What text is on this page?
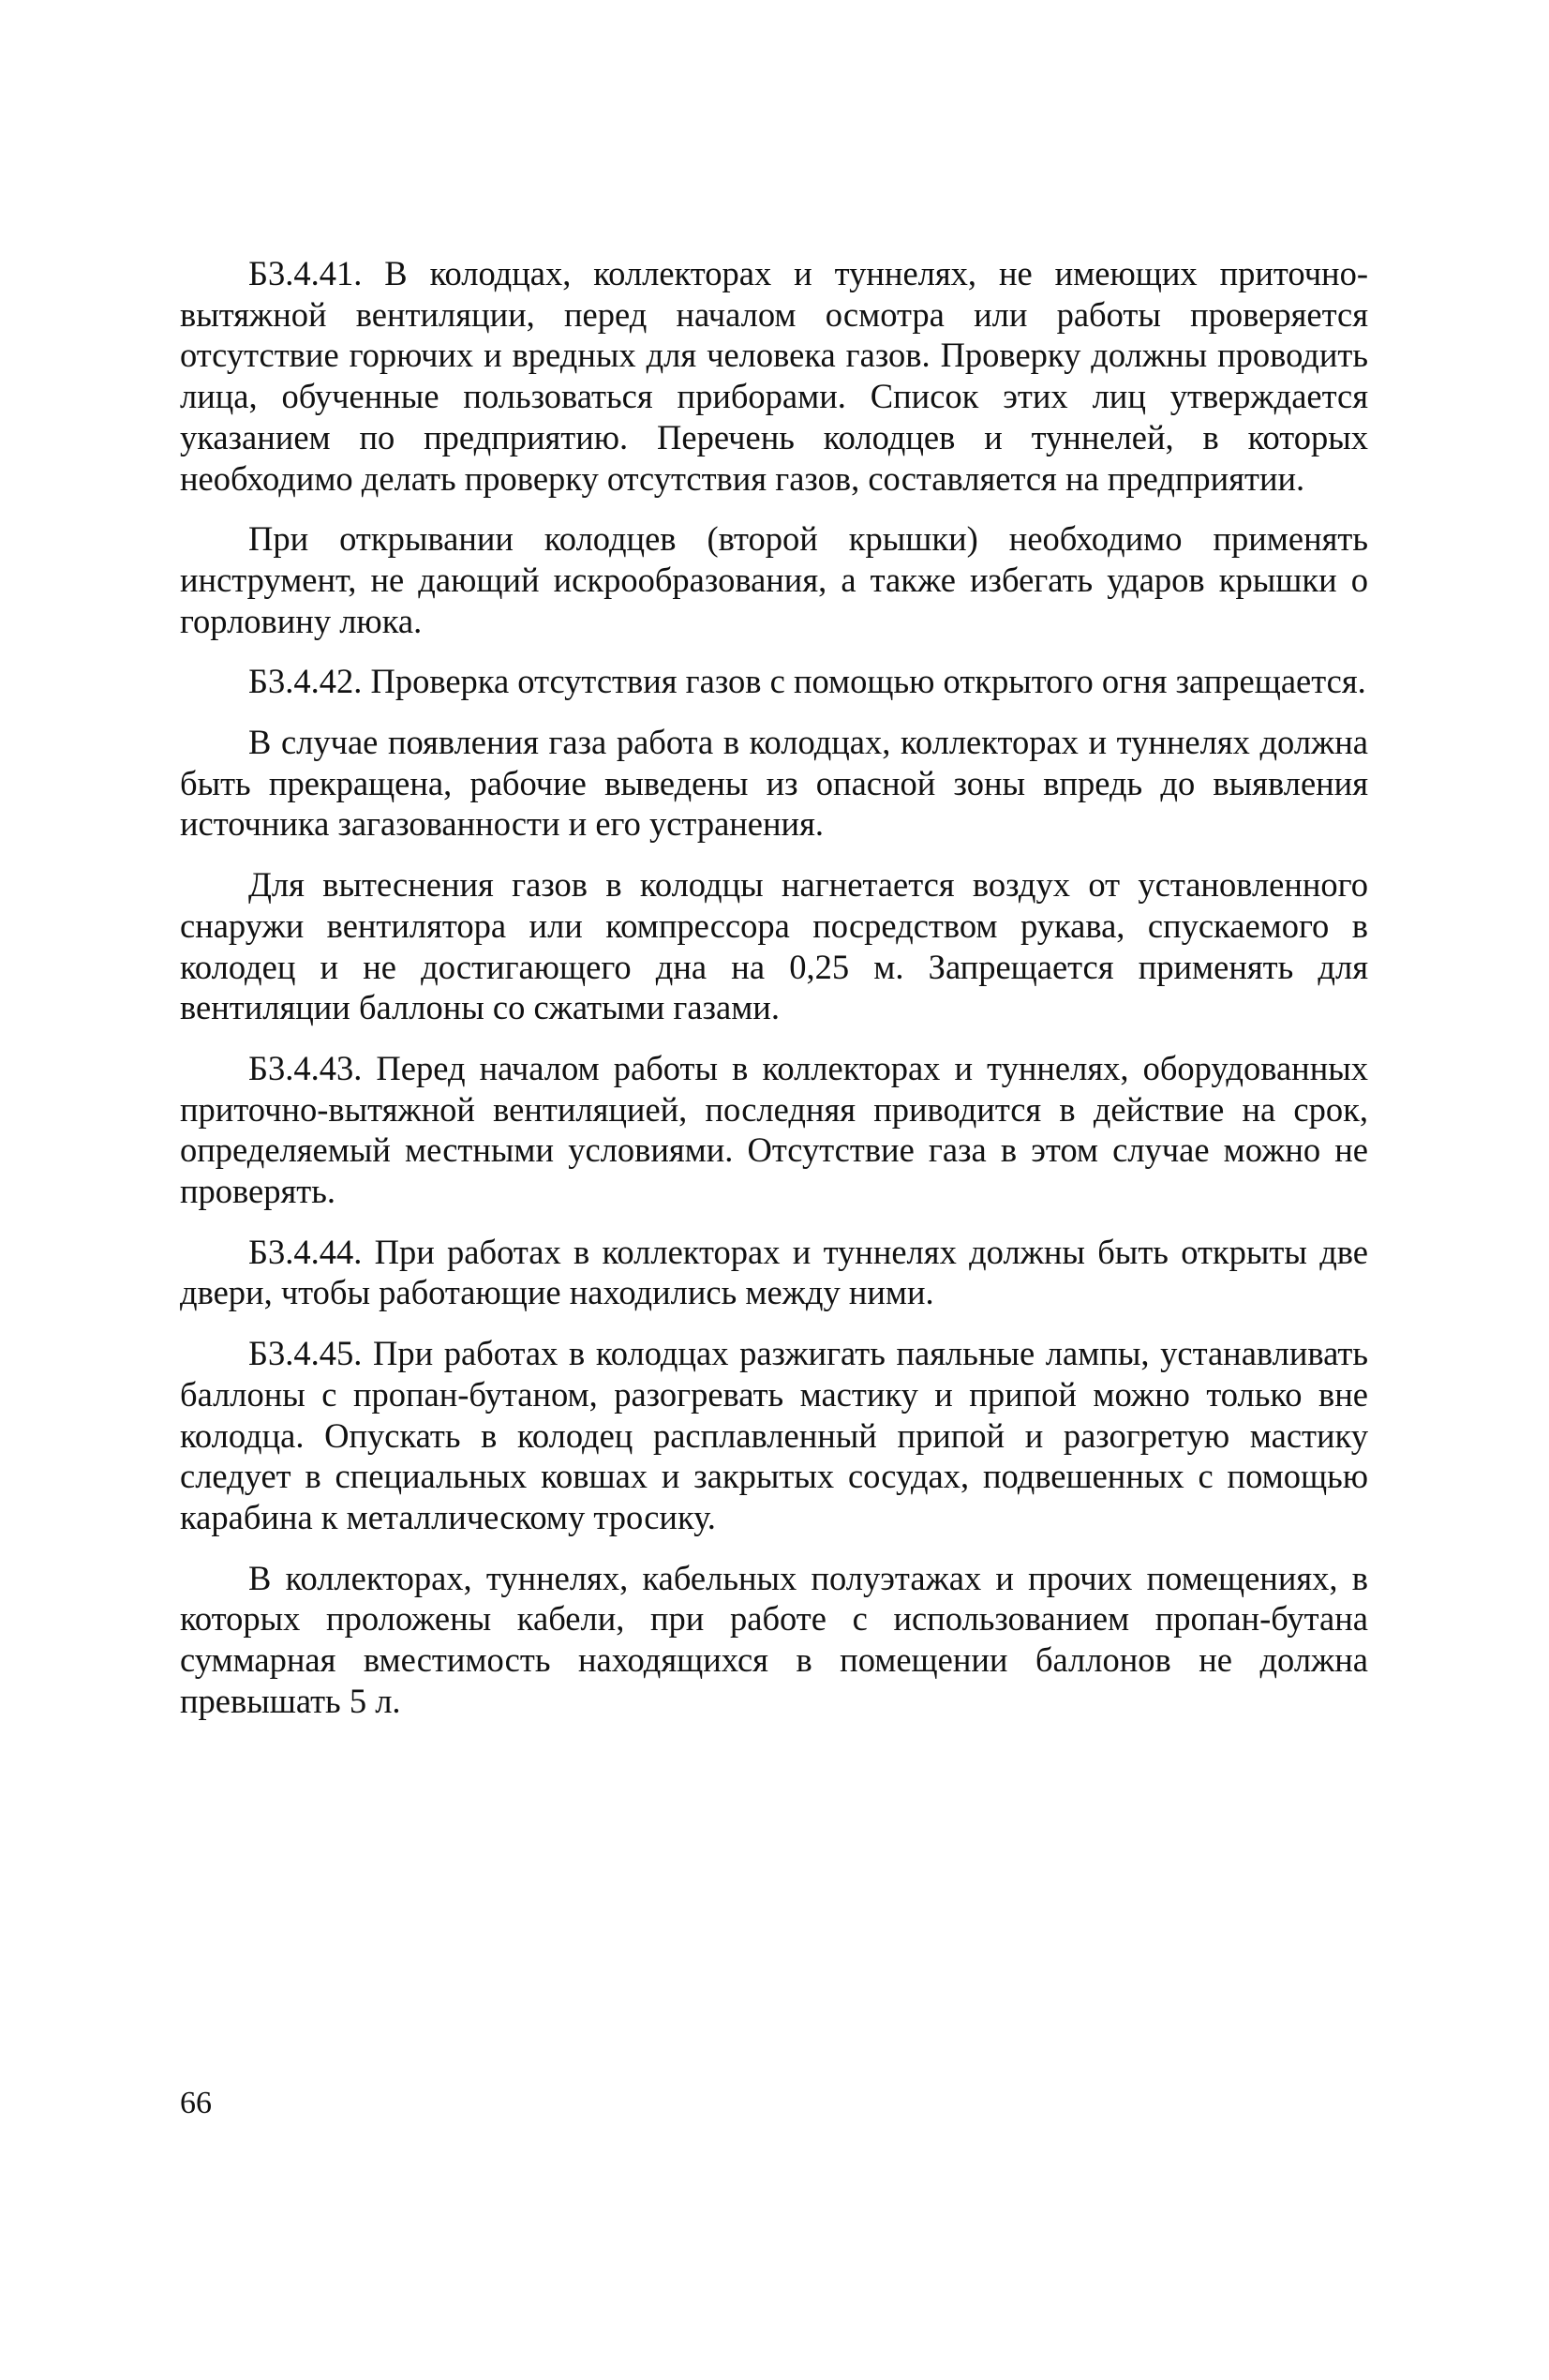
Б3.4.41. В колодцах, коллекторах и туннелях, не имеющих приточно-вытяжной вентиляции, перед началом осмотра или работы проверяется отсутствие горючих и вредных для человека газов. Проверку должны проводить лица, обученные пользоваться приборами. Список этих лиц утверждается указанием по предприятию. Перечень колодцев и туннелей, в которых необходимо делать проверку отсутствия газов, составляется на предприятии.

При открывании колодцев (второй крышки) необходимо применять инструмент, не дающий искрообразования, а также избегать ударов крышки о горловину люка.

Б3.4.42. Проверка отсутствия газов с помощью открытого огня запрещается.

В случае появления газа работа в колодцах, коллекторах и туннелях должна быть прекращена, рабочие выведены из опасной зоны впредь до выявления источника загазованности и его устранения.

Для вытеснения газов в колодцы нагнетается воздух от установленного снаружи вентилятора или компрессора посредством рукава, спускаемого в колодец и не достигающего дна на 0,25 м. Запрещается применять для вентиляции баллоны со сжатыми газами.

Б3.4.43. Перед началом работы в коллекторах и туннелях, оборудованных приточно-вытяжной вентиляцией, последняя приводится в действие на срок, определяемый местными условиями. Отсутствие газа в этом случае можно не проверять.

Б3.4.44. При работах в коллекторах и туннелях должны быть открыты две двери, чтобы работающие находились между ними.

Б3.4.45. При работах в колодцах разжигать паяльные лампы, устанавливать баллоны с пропан-бутаном, разогревать мастику и припой можно только вне колодца. Опускать в колодец расплавленный припой и разогретую мастику следует в специальных ковшах и закрытых сосудах, подвешенных с помощью карабина к металлическому тросику.

В коллекторах, туннелях, кабельных полуэтажах и прочих помещениях, в которых проложены кабели, при работе с использованием пропан-бутана суммарная вместимость находящихся в помещении баллонов не должна превышать 5 л.

66
